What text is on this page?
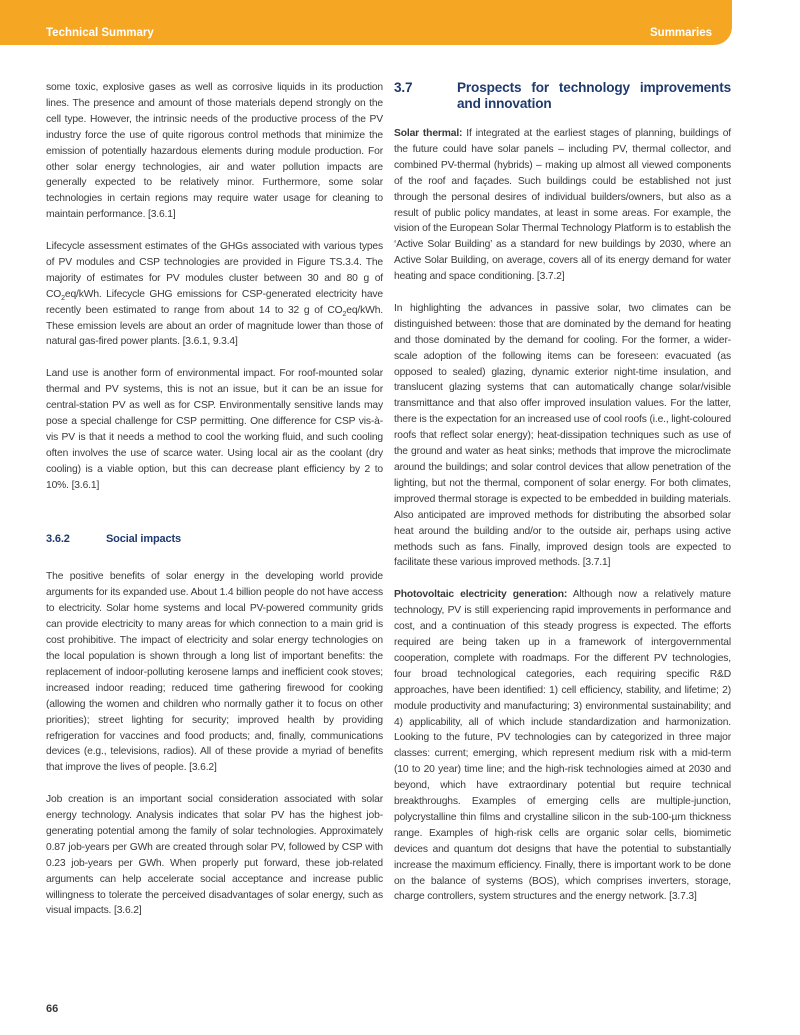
Technical Summary	Summaries

some toxic, explosive gases as well as corrosive liquids in its production lines. The presence and amount of those materials depend strongly on the cell type. However, the intrinsic needs of the productive process of the PV industry force the use of quite rigorous control methods that minimize the emission of potentially hazardous elements during module production. For other solar energy technologies, air and water pollution impacts are generally expected to be relatively minor. Furthermore, some solar technologies in certain regions may require water usage for cleaning to maintain performance. [3.6.1]

Lifecycle assessment estimates of the GHGs associated with various types of PV modules and CSP technologies are provided in Figure TS.3.4. The majority of estimates for PV modules cluster between 30 and 80 g of $CO_2eq$/kWh. Lifecycle GHG emissions for CSP-generated electricity have recently been estimated to range from about 14 to 32 g of $CO_2eq$/kWh. These emission levels are about an order of magnitude lower than those of natural gas-fired power plants. [3.6.1, 9.3.4]

Land use is another form of environmental impact. For roof-mounted solar thermal and PV systems, this is not an issue, but it can be an issue for central-station PV as well as for CSP. Environmentally sensitive lands may pose a special challenge for CSP permitting. One difference for CSP vis-à-vis PV is that it needs a method to cool the working fluid, and such cooling often involves the use of scarce water. Using local air as the coolant (dry cooling) is a viable option, but this can decrease plant efficiency by 2 to 10%. [3.6.1]

3.6.2	Social impacts

The positive benefits of solar energy in the developing world provide arguments for its expanded use. About 1.4 billion people do not have access to electricity. Solar home systems and local PV-powered community grids can provide electricity to many areas for which connection to a main grid is cost prohibitive. The impact of electricity and solar energy technologies on the local population is shown through a long list of important benefits: the replacement of indoor-polluting kerosene lamps and inefficient cook stoves; increased indoor reading; reduced time gathering firewood for cooking (allowing the women and children who normally gather it to focus on other priorities); street lighting for security; improved health by providing refrigeration for vaccines and food products; and, finally, communications devices (e.g., televisions, radios). All of these provide a myriad of benefits that improve the lives of people. [3.6.2]

Job creation is an important social consideration associated with solar energy technology. Analysis indicates that solar PV has the highest job-generating potential among the family of solar technologies. Approximately 0.87 job-years per GWh are created through solar PV, followed by CSP with 0.23 job-years per GWh. When properly put forward, these job-related arguments can help accelerate social acceptance and increase public willingness to tolerate the perceived disadvantages of solar energy, such as visual impacts. [3.6.2]

3.7	Prospects for technology improvements and innovation

Solar thermal: If integrated at the earliest stages of planning, buildings of the future could have solar panels – including PV, thermal collector, and combined PV-thermal (hybrids) – making up almost all viewed components of the roof and façades. Such buildings could be established not just through the personal desires of individual builders/owners, but also as a result of public policy mandates, at least in some areas. For example, the vision of the European Solar Thermal Technology Platform is to establish the ‘Active Solar Building’ as a standard for new buildings by 2030, where an Active Solar Building, on average, covers all of its energy demand for water heating and space conditioning. [3.7.2]

In highlighting the advances in passive solar, two climates can be distinguished between: those that are dominated by the demand for heating and those dominated by the demand for cooling. For the former, a wider-scale adoption of the following items can be foreseen: evacuated (as opposed to sealed) glazing, dynamic exterior night-time insulation, and translucent glazing systems that can automatically change solar/visible transmittance and that also offer improved insulation values. For the latter, there is the expectation for an increased use of cool roofs (i.e., light-coloured roofs that reflect solar energy); heat-dissipation techniques such as use of the ground and water as heat sinks; methods that improve the microclimate around the buildings; and solar control devices that allow penetration of the lighting, but not the thermal, component of solar energy. For both climates, improved thermal storage is expected to be embedded in building materials. Also anticipated are improved methods for distributing the absorbed solar heat around the building and/or to the outside air, perhaps using active methods such as fans. Finally, improved design tools are expected to facilitate these various improved methods. [3.7.1]

Photovoltaic electricity generation: Although now a relatively mature technology, PV is still experiencing rapid improvements in performance and cost, and a continuation of this steady progress is expected. The efforts required are being taken up in a framework of intergovernmental cooperation, complete with roadmaps. For the different PV technologies, four broad technological categories, each requiring specific R&D approaches, have been identified: 1) cell efficiency, stability, and lifetime; 2) module productivity and manufacturing; 3) environmental sustainability; and 4) applicability, all of which include standardization and harmonization. Looking to the future, PV technologies can by categorized in three major classes: current; emerging, which represent medium risk with a mid-term (10 to 20 year) time line; and the high-risk technologies aimed at 2030 and beyond, which have extraordinary potential but require technical breakthroughs. Examples of emerging cells are multiple-junction, polycrystalline thin films and crystalline silicon in the sub-100-µm thickness range. Examples of high-risk cells are organic solar cells, biomimetic devices and quantum dot designs that have the potential to substantially increase the maximum efficiency. Finally, there is important work to be done on the balance of systems (BOS), which comprises inverters, storage, charge controllers, system structures and the energy network. [3.7.3]

66
